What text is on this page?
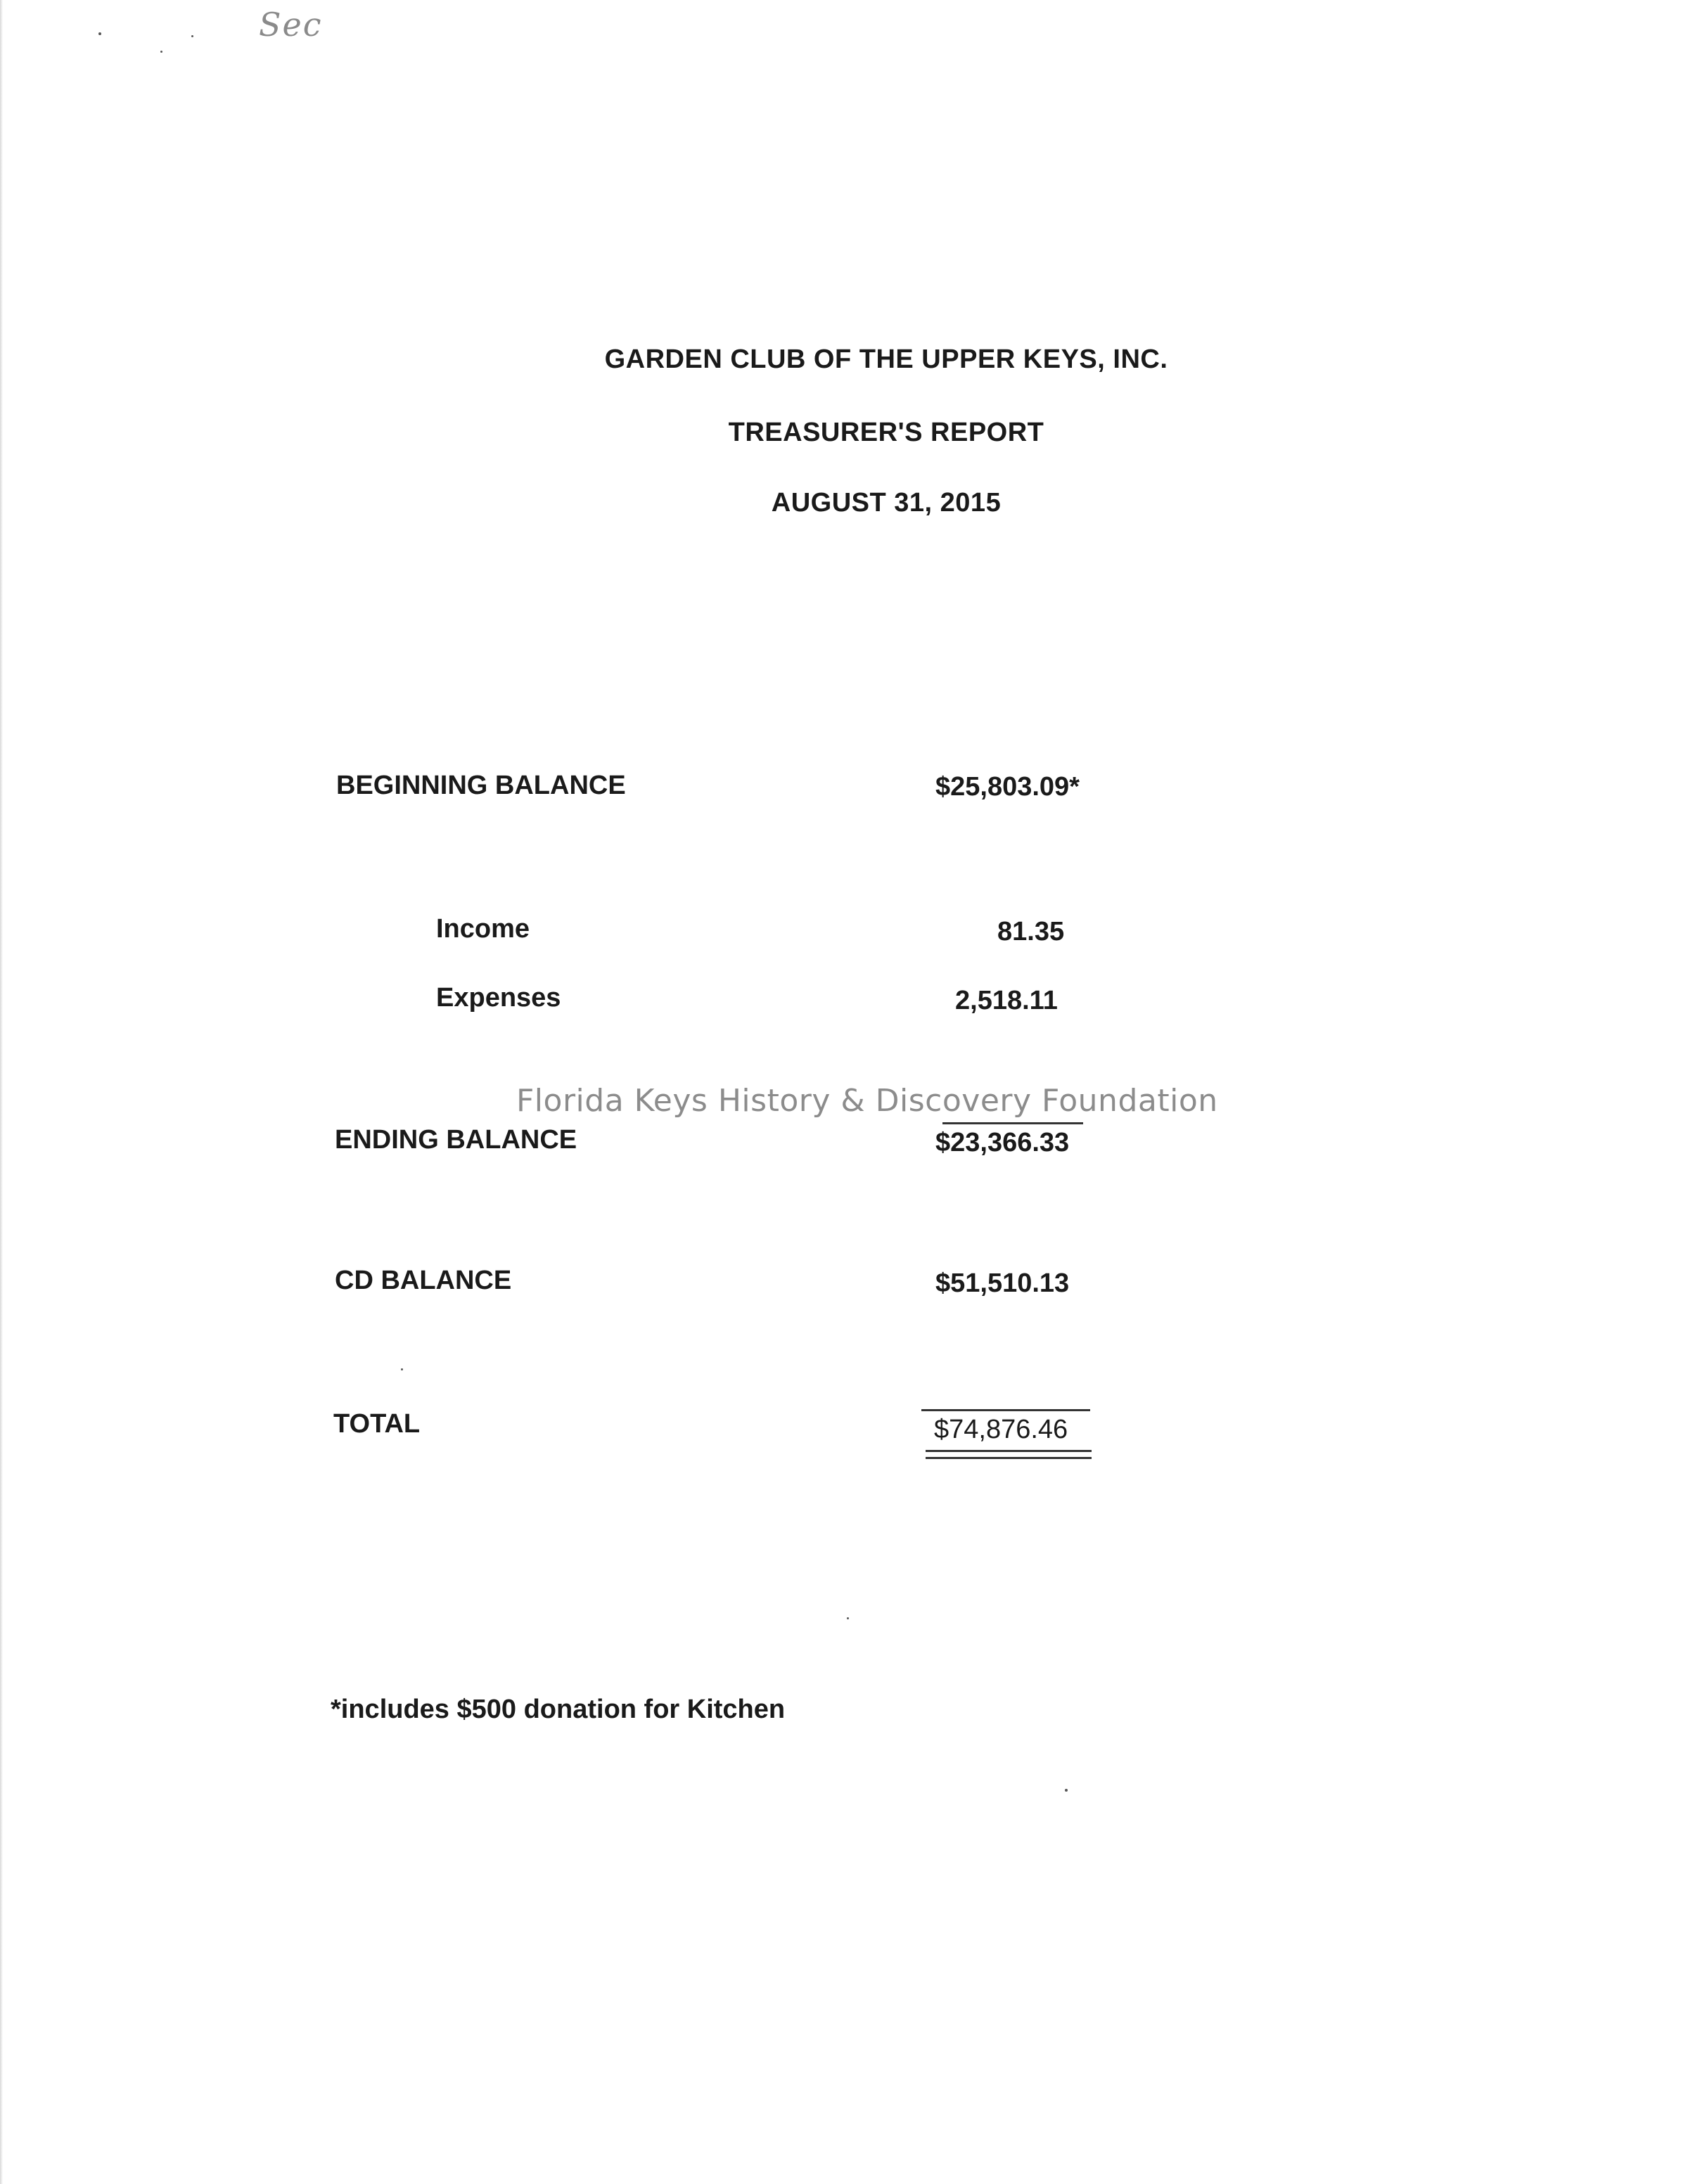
Sec
GARDEN CLUB OF THE UPPER KEYS, INC.
TREASURER'S REPORT
AUGUST 31, 2015
BEGINNING BALANCE	$25,803.09*
Income	81.35
Expenses	2,518.11
Florida Keys History & Discovery Foundation
ENDING BALANCE	$23,366.33
CD BALANCE	$51,510.13
TOTAL	$74,876.46
*includes $500 donation for Kitchen
